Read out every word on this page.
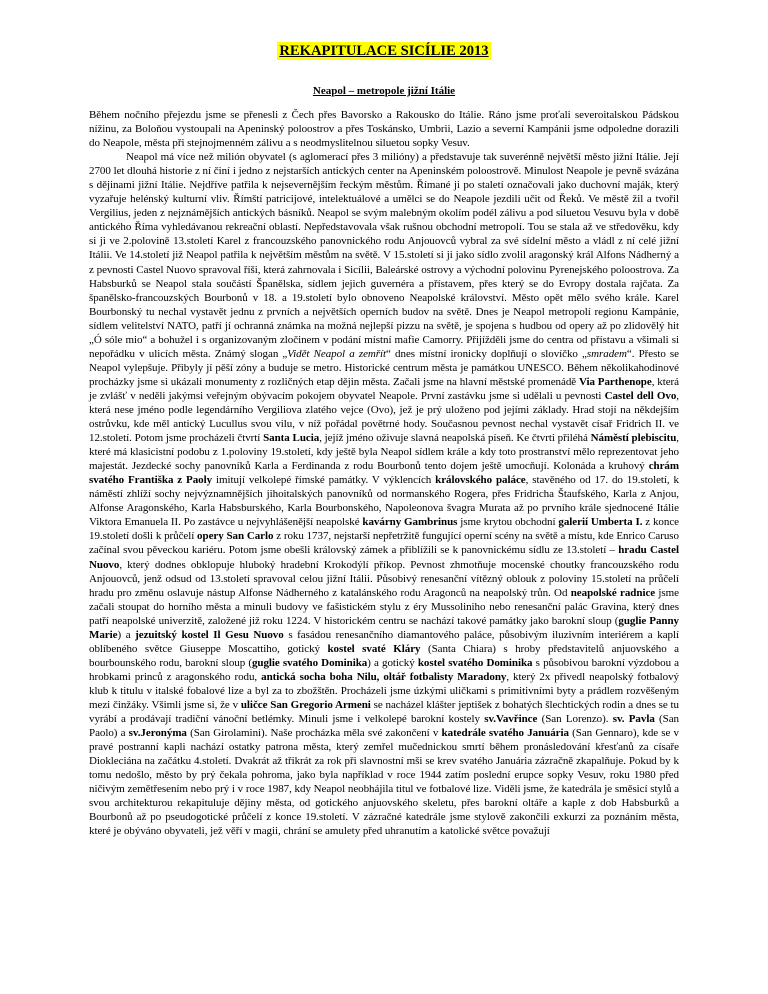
REKAPITULACE SICÍLIE 2013
Neapol – metropole jižní Itálie

Během nočního přejezdu jsme se přenesli z Čech přes Bavorsko a Rakousko do Itálie. Ráno jsme proťali severoitalskou Pádskou nížinu, za Boloňou vystoupali na Apeninský poloostrov a přes Toskánsko, Umbrii, Lazio a severní Kampánii jsme odpoledne dorazili do Neapole, města při stejnojmenném zálivu a s neodmyslitelnou siluetou sopky Vesuv.

Neapol má více než milión obyvatel (s aglomerací přes 3 milióny) a představuje tak suverénně největší město jižní Itálie. Její 2700 let dlouhá historie z ní činí i jedno z nejstarších antických center na Apeninském poloostrově. Minulost Neapole je pevně svázána s dějinami jižní Itálie. Nejdříve patřila k nejsevernějším řeckým městům. Římané ji po staletí označovali jako duchovní maják, který vyzařuje helénský kulturní vliv. Římští patricijové, intelektuálové a umělci se do Neapole jezdili učit od Řeků. Ve městě žil a tvořil Vergilius, jeden z nejznámějších antických básníků. Neapol se svým malebným okolím podél zálivu a pod siluetou Vesuvu byla v době antického Říma vyhledávanou rekreační oblastí. Nepředstavovala však rušnou obchodní metropolí. Tou se stala až ve středověku, kdy si ji ve 2.polovině 13.století Karel z francouzského panovnického rodu Anjouovců vybral za své sídelní město a vládl z ní celé jižní Itálii. Ve 14.století již Neapol patřila k největším městům na světě. V 15.století si ji jako sídlo zvolil aragonský král Alfons Nádherný a z pevnosti Castel Nuovo spravoval říši, která zahrnovala i Sicílii, Baleárské ostrovy a východní polovinu Pyrenejského poloostrova. Za Habsburků se Neapol stala součástí Španělska, sídlem jejich guvernéra a přístavem, přes který se do Evropy dostala rajčata. Za španělsko-francouzských Bourbonů v 18. a 19.století bylo obnoveno Neapolské království. Město opět mělo svého krále. Karel Bourbonský tu nechal vystavět jednu z prvních a největších operních budov na světě. Dnes je Neapol metropolí regionu Kampánie, sídlem velitelství NATO, patří jí ochranná známka na možná nejlepší pizzu na světě, je spojena s hudbou od opery až po zlidovělý hit „Ó sóle mio“ a bohužel i s organizovaným zločinem v podání místní mafie Camorry. Přijížděli jsme do centra od přístavu a všimali si nepořádku v ulicích města. Známý slogan „Vidět Neapol a zemřít“ dnes místní ironicky doplňují o slovíčko „smradem“. Přesto se Neapol vylepšuje. Přibyly jí pěší zóny a buduje se metro. Historické centrum města je památkou UNESCO. Během několikahodinové procházky jsme si ukázali monumenty z rozličných etap dějin města. Začali jsme na hlavní městské promenádě Via Parthenope, která je zvlášť v neděli jakýmsi veřejným obývacím pokojem obyvatel Neapole. První zastávku jsme si udělali u pevnosti Castel dell Ovo, která nese jméno podle legendárního Vergiliova zlatého vejce (Ovo), jež je prý uloženo pod jejími základy. Hrad stojí na někdejším ostrůvku, kde měl antický Lucullus svou vilu, v níž pořádal povětrné hody. Současnou pevnost nechal vystavět císař Fridrich II. ve 12.století. Potom jsme procházeli čtvrtí Santa Lucia, jejíž jméno oživuje slavná neapolská píseň. Ke čtvrti přiléhá Náměstí plebiscitu, které má klasicistní podobu z 1.poloviny 19.století, kdy ještě byla Neapol sídlem krále a kdy toto prostranství mělo reprezentovat jeho majestát. Jezdecké sochy panovníků Karla a Ferdinanda z rodu Bourbonů tento dojem ještě umocňují. Kolonáda a kruhový chrám svatého Františka z Paoly imitují velkolepé římské památky. V výklencích královského paláce, stavěného od 17. do 19.století, k náměstí zhlíží sochy nejvýznamnějších jihoitalských panovníků od normanského Rogera, přes Fridricha Štaufského, Karla z Anjou, Alfonse Aragonského, Karla Habsburského, Karla Bourbonského, Napoleonova švagra Murata až po prvního krále sjednocené Itálie Viktora Emanuela II. Po zastávce u nejvyhlášenější neapolské kavárny Gambrinus jsme krytou obchodní galerií Umberta I. z konce 19.století došli k průčelí opery San Carlo z roku 1737, nejstarší nepřetržitě fungující operní scény na světě a místu, kde Enrico Caruso začínal svou pěveckou kariéru. Potom jsme obešli královský zámek a přiblížili se k panovnickému sídlu ze 13.století – hradu Castel Nuovo, který dodnes obklopuje hluboký hradební Krokodýlí příkop. Pevnost zhmotňuje mocenské choutky francouzského rodu Anjouovců, jenž odsud od 13.století spravoval celou jižní Itálii. Působivý renesanční vítězný oblouk z poloviny 15.století na průčelí hradu pro změnu oslavuje nástup Alfonse Nádherného z katalánského rodu Aragonců na neapolský trůn. Od neapolské radnice jsme začali stoupat do horního města a minuli budovy ve fašistickém stylu z éry Mussoliniho nebo renesanční palác Gravina, který dnes patří neapolské univerzitě, založené již roku 1224. V historickém centru se nachází takové památky jako barokní sloup (guglie Panny Marie) a jezuitský kostel Il Gesu Nuovo s fasádou renesančního diamantového paláce, působivým iluzivním interiérem a kaplí oblíbeného světce Giuseppe Moscattiho, gotický kostel svaté Kláry (Santa Chiara) s hroby představitelů anjuovského a bourbounského rodu, barokní sloup (guglie svatého Dominika) a gotický kostel svatého Dominika s působivou barokní výzdobou a hrobkami princů z aragonského rodu, antická socha boha Nilu, oltář fotbalisty Maradony, který 2x přivedl neapolský fotbalový klub k titulu v italské fobalové lize a byl za to zbožštěn. Procházeli jsme úzkými uličkami s primitivními byty a prádlem rozvěšeným mezi činžáky. Všimli jsme si, že v uličce San Gregorio Armeni se nacházel klášter jeptišek z bohatých šlechtických rodin a dnes se tu vyrábí a prodávají tradiční vánoční betlémky. Minuli jsme i velkolepé barokní kostely sv.Vavřince (San Lorenzo). sv. Pavla (San Paolo) a sv.Jeronýma (San Girolamini). Naše procházka měla své zakončení v katedrále svatého Januária (San Gennaro), kde se v pravé postranní kapli nachází ostatky patrona města, který zemřel mučednickou smrtí během pronásledování křesťanů za císaře Diokleciána na začátku 4.století. Dvakrát až třikrát za rok při slavnostní mši se krev svatého Januária zázračně zkapalňuje. Pokud by k tomu nedošlo, město by prý čekala pohroma, jako byla například v roce 1944 zatím poslední erupce sopky Vesuv, roku 1980 před ničivým zemětřesením nebo prý i v roce 1987, kdy Neapol neobhájila titul ve fotbalové lize. Viděli jsme, že katedrála je směsicí stylů a svou architekturou rekapituluje dějiny města, od gotického anjuovského skeletu, přes barokní oltáře a kaple z dob Habsburků a Bourbonů až po pseudogotické průčelí z konce 19.století. V zázračné katedrále jsme stylově zakončili exkurzi za poznáním města, které je obýváno obyvateli, jež věří v magii, chrání se amulety před uhranutím a katolické světce považují
